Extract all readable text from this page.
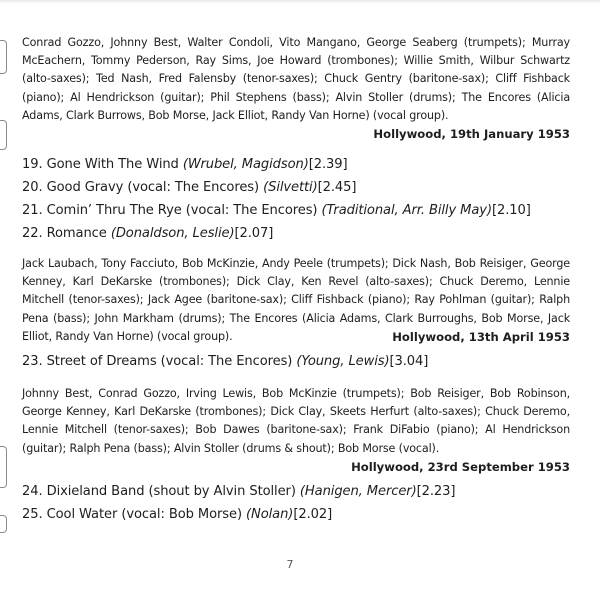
Conrad Gozzo, Johnny Best, Walter Condoli, Vito Mangano, George Seaberg (trumpets); Murray McEachern, Tommy Pederson, Ray Sims, Joe Howard (trombones); Willie Smith, Wilbur Schwartz (alto-saxes); Ted Nash, Fred Falensby (tenor-saxes); Chuck Gentry (baritone-sax); Cliff Fishback (piano); Al Hendrickson (guitar); Phil Stephens (bass); Alvin Stoller (drums); The Encores (Alicia Adams, Clark Burrows, Bob Morse, Jack Elliot, Randy Van Horne) (vocal group).

Hollywood, 19th January 1953

19. Gone With The Wind (Wrubel, Magidson)[2.39]
20. Good Gravy (vocal: The Encores) (Silvetti)[2.45]
21. Comin’ Thru The Rye (vocal: The Encores) (Traditional, Arr. Billy May)[2.10]
22. Romance (Donaldson, Leslie)[2.07]

Jack Laubach, Tony Facciuto, Bob McKinzie, Andy Peele (trumpets); Dick Nash, Bob Reisiger, George Kenney, Karl DeKarske (trombones); Dick Clay, Ken Revel (alto-saxes); Chuck Deremo, Lennie Mitchell (tenor-saxes); Jack Agee (baritone-sax); Cliff Fishback (piano); Ray Pohlman (guitar); Ralph Pena (bass); John Markham (drums); The Encores (Alicia Adams, Clark Burroughs, Bob Morse, Jack Elliot, Randy Van Horne) (vocal group).	Hollywood, 13th April 1953

23. Street of Dreams (vocal: The Encores) (Young, Lewis)[3.04]

Johnny Best, Conrad Gozzo, Irving Lewis, Bob McKinzie (trumpets); Bob Reisiger, Bob Robinson, George Kenney, Karl DeKarske (trombones); Dick Clay, Skeets Herfurt (alto-saxes); Chuck Deremo, Lennie Mitchell (tenor-saxes); Bob Dawes (baritone-sax); Frank DiFabio (piano); Al Hendrickson (guitar); Ralph Pena (bass); Alvin Stoller (drums & shout); Bob Morse (vocal).

Hollywood, 23rd September 1953

24. Dixieland Band (shout by Alvin Stoller) (Hanigen, Mercer)[2.23]
25. Cool Water (vocal: Bob Morse) (Nolan)[2.02]
7
